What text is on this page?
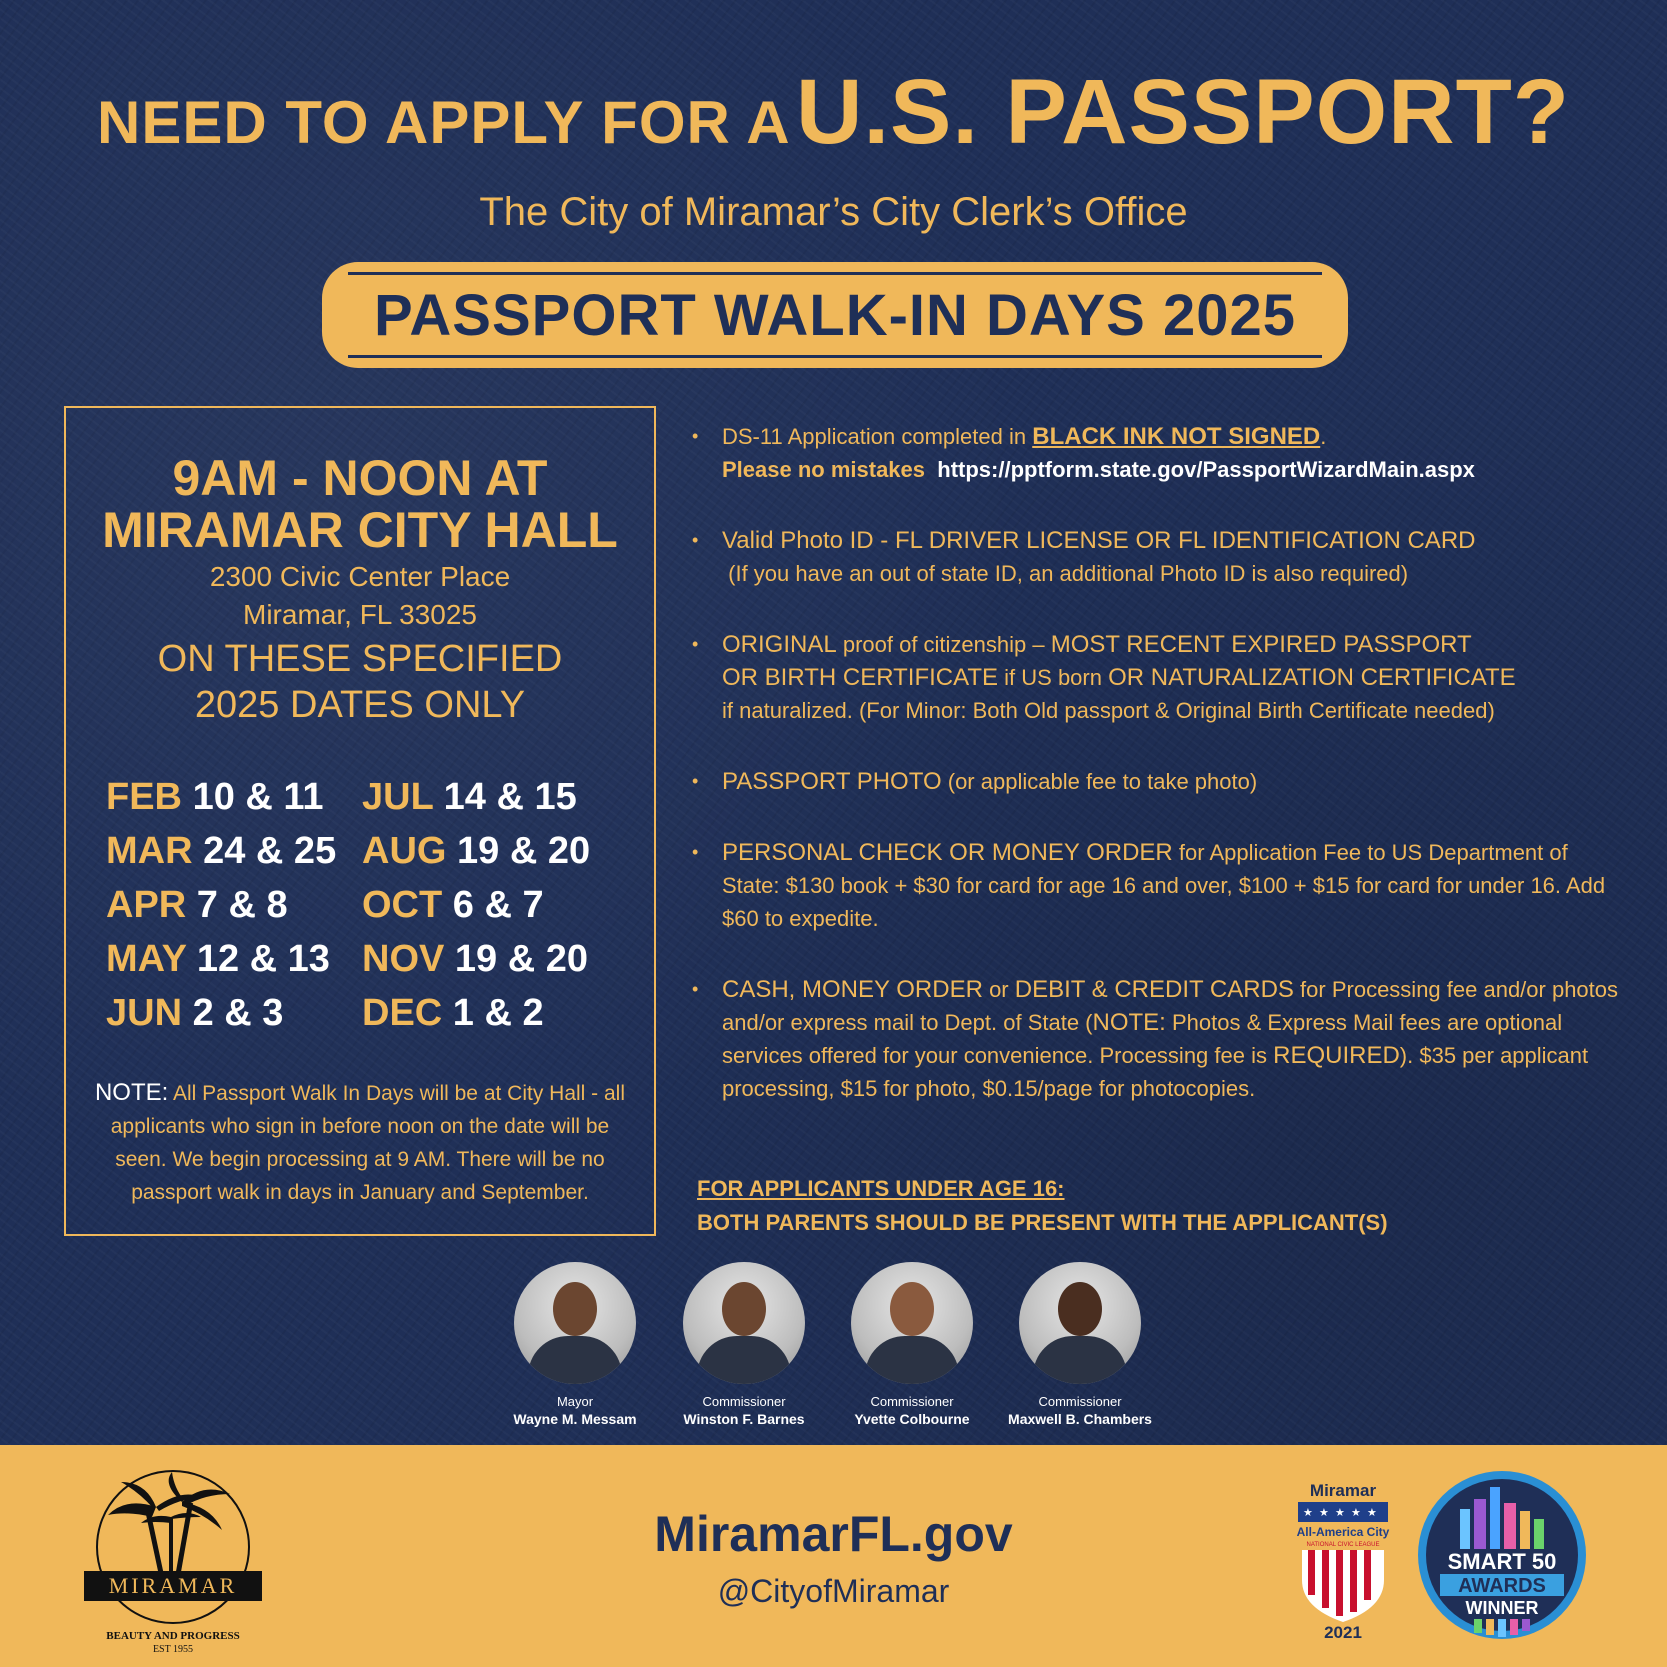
NEED TO APPLY FOR A U.S. PASSPORT?
The City of Miramar’s City Clerk’s Office
PASSPORT WALK-IN DAYS 2025
9AM - NOON AT
MIRAMAR CITY HALL
2300 Civic Center Place
Miramar, FL 33025
ON THESE SPECIFIED
2025 DATES ONLY
FEB 10 & 11
MAR 24 & 25
APR 7 & 8
MAY 12 & 13
JUN 2 & 3
JUL 14 & 15
AUG 19 & 20
OCT 6 & 7
NOV 19 & 20
DEC 1 & 2
NOTE: All Passport Walk In Days will be at City Hall - all applicants who sign in before noon on the date will be seen. We begin processing at 9 AM. There will be no passport walk in days in January and September.
• DS-11 Application completed in BLACK INK NOT SIGNED.
Please no mistakes https://pptform.state.gov/PassportWizardMain.aspx
• Valid Photo ID - FL DRIVER LICENSE OR FL IDENTIFICATION CARD
(If you have an out of state ID, an additional Photo ID is also required)
• ORIGINAL proof of citizenship – MOST RECENT EXPIRED PASSPORT
OR BIRTH CERTIFICATE if US born OR NATURALIZATION CERTIFICATE
if naturalized. (For Minor: Both Old passport & Original Birth Certificate needed)
• PASSPORT PHOTO (or applicable fee to take photo)
• PERSONAL CHECK OR MONEY ORDER for Application Fee to US Department of State: $130 book + $30 for card for age 16 and over, $100 + $15 for card for under 16. Add $60 to expedite.
• CASH, MONEY ORDER or DEBIT & CREDIT CARDS for Processing fee and/or photos and/or express mail to Dept. of State (NOTE: Photos & Express Mail fees are optional services offered for your convenience. Processing fee is REQUIRED). $35 per applicant processing, $15 for photo, $0.15/page for photocopies.
FOR APPLICANTS UNDER AGE 16:
BOTH PARENTS SHOULD BE PRESENT WITH THE APPLICANT(S)
Mayor
Wayne M. Messam
Commissioner
Winston F. Barnes
Commissioner
Yvette Colbourne
Commissioner
Maxwell B. Chambers
MIRAMAR
BEAUTY AND PROGRESS
EST 1955
MiramarFL.gov
@CityofMiramar
Miramar
★ ★ ★ ★ ★
All-America City
NATIONAL CIVIC LEAGUE
2021
SMART 50
AWARDS
WINNER
